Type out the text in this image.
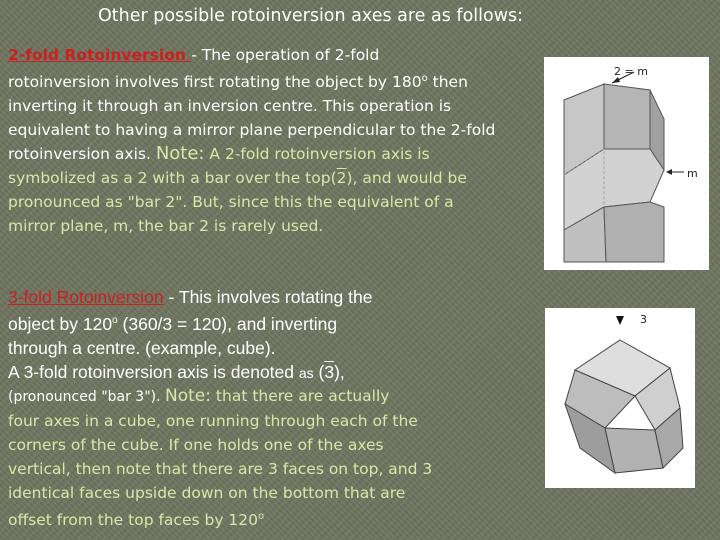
Other possible rotoinversion axes are as follows:

2-fold Rotoinversion - The operation of 2-fold
rotoinversion involves first rotating the object by 180$^o$ then
inverting it through an inversion centre. This operation is
equivalent to having a mirror plane perpendicular to the 2-fold
rotoinversion axis. Note: A 2-fold rotoinversion axis is
symbolized as a 2 with a bar over the top(2), and would be
pronounced as "bar 2". But, since this the equivalent of a
mirror plane, m, the bar 2 is rarely used.

3-fold Rotoinversion - This involves rotating the
object by 120$^o$ (360/3 = 120), and inverting
through a centre. (example, cube).
A 3-fold rotoinversion axis is denoted as (3),

(pronounced "bar 3"). Note: that there are actually
four axes in a cube, one running through each of the
corners of the cube. If one holds one of the axes
vertical, then note that there are 3 faces on top, and 3
identical faces upside down on the bottom that are
offset from the top faces by 120$^o$

2 = m
m
3
